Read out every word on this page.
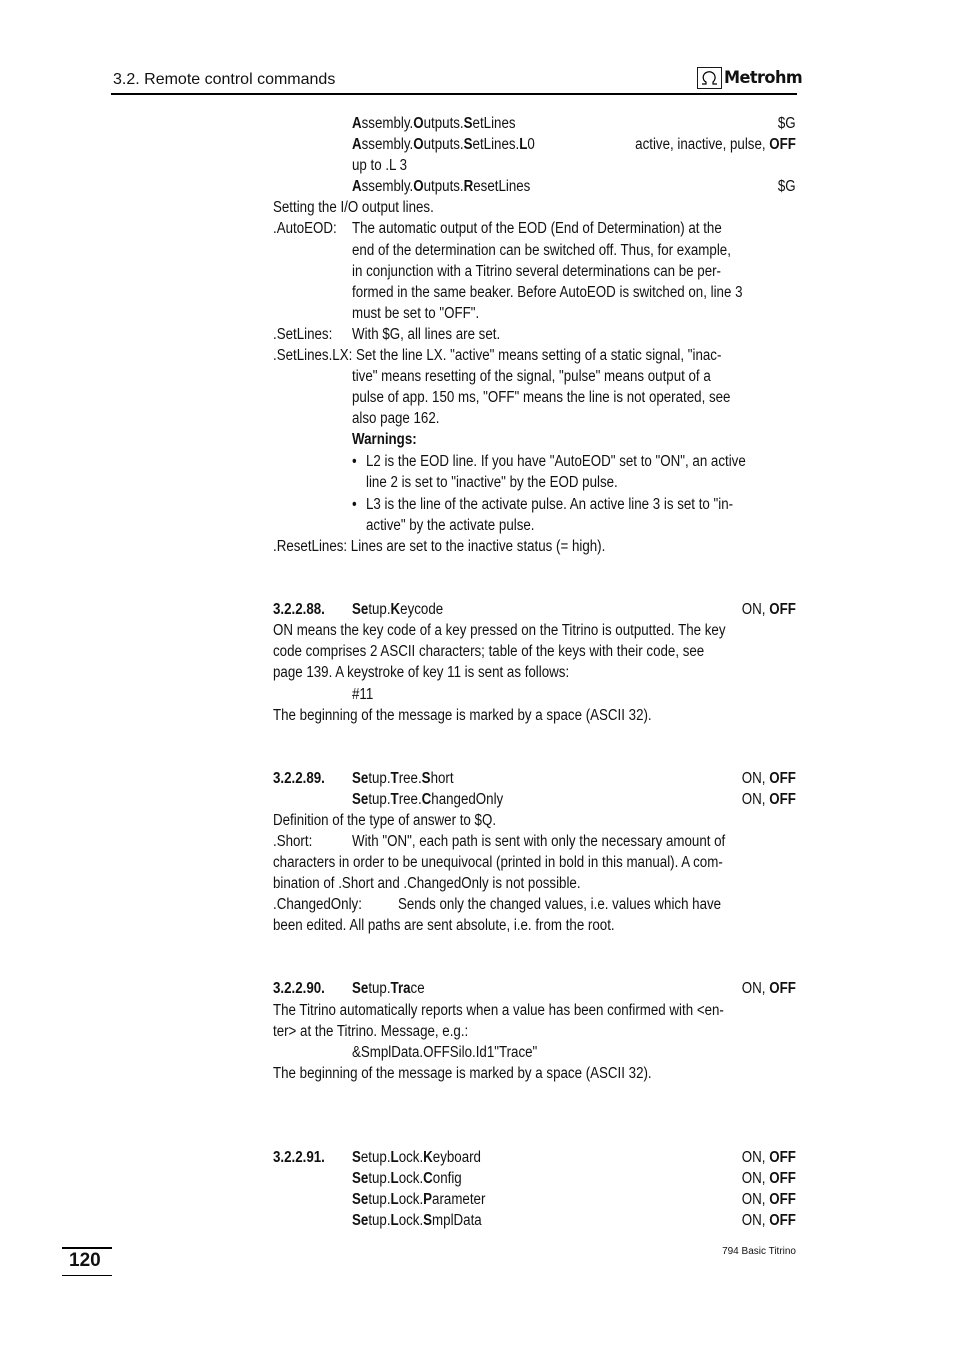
3.2. Remote control commands	Metrohm
Assembly.Outputs.SetLines	$G
Assembly.Outputs.SetLines.L0	active, inactive, pulse, OFF
up to .L 3
Assembly.Outputs.ResetLines	$G
Setting the I/O output lines.
.AutoEOD: The automatic output of the EOD (End of Determination) at the
end of the determination can be switched off. Thus, for example,
in conjunction with a Titrino several determinations can be per-
formed in the same beaker. Before AutoEOD is switched on, line 3
must be set to "OFF".
.SetLines: With $G, all lines are set.
.SetLines.LX: Set the line LX. "active" means setting of a static signal, "inac-
tive" means resetting of the signal, "pulse" means output of a
pulse of app. 150 ms, "OFF" means the line is not operated, see
also page 162.
Warnings:
• L2 is the EOD line. If you have "AutoEOD" set to "ON", an active
line 2 is set to "inactive" by the EOD pulse.
• L3 is the line of the activate pulse. An active line 3 is set to "in-
active" by the activate pulse.
.ResetLines: Lines are set to the inactive status (= high).
3.2.2.88. Setup.Keycode	ON, OFF
ON means the key code of a key pressed on the Titrino is outputted. The key
code comprises 2 ASCII characters; table of the keys with their code, see
page 139. A keystroke of key 11 is sent as follows:
#11
The beginning of the message is marked by a space (ASCII 32).
3.2.2.89. Setup.Tree.Short	ON, OFF
Setup.Tree.ChangedOnly	ON, OFF
Definition of the type of answer to $Q.
.Short:	With "ON", each path is sent with only the necessary amount of
characters in order to be unequivocal (printed in bold in this manual). A com-
bination of .Short and .ChangedOnly is not possible.
.ChangedOnly: Sends only the changed values, i.e. values which have
been edited. All paths are sent absolute, i.e. from the root.
3.2.2.90. Setup.Trace	ON, OFF
The Titrino automatically reports when a value has been confirmed with <en-
ter> at the Titrino. Message, e.g.:
&SmplData.OFFSilo.Id1"Trace"
The beginning of the message is marked by a space (ASCII 32).
3.2.2.91. Setup.Lock.Keyboard	ON, OFF
Setup.Lock.Config	ON, OFF
Setup.Lock.Parameter	ON, OFF
Setup.Lock.SmplData	ON, OFF
120	794 Basic Titrino
